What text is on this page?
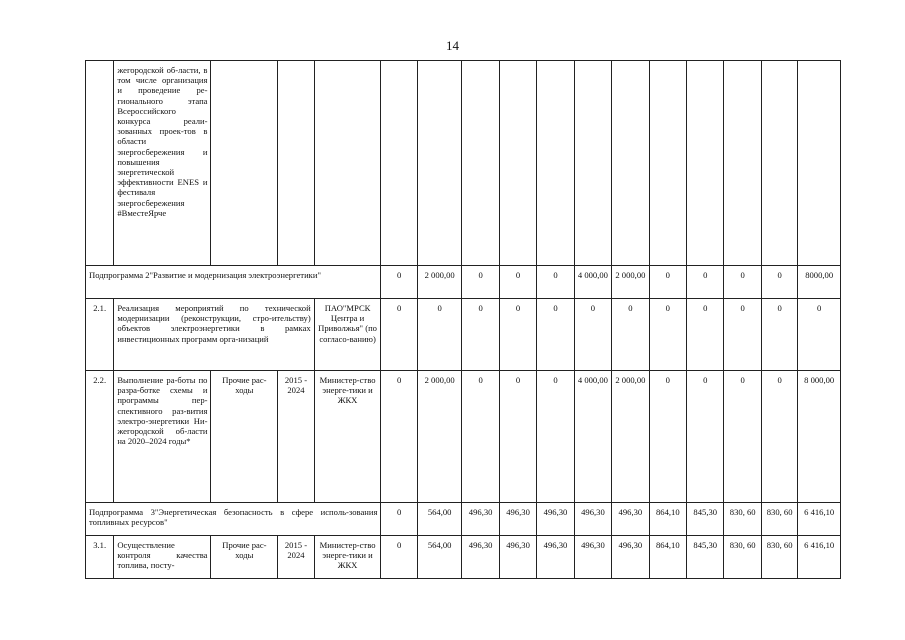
14
	жегородской об-ласти, в том числе организация и проведение ре-гионального этапа Всероссийского конкурса реали-зованных проек-тов в области энергосбережения и повышения энергетической эффективности ENES и фестиваля энергосбережения #ВместеЯрче															
Подпрограмма 2"Развитие и модернизация электроэнергетики"					0	2 000,00	0	0	0	4 000,00	2 000,00	0	0	0	0	8000,00
2.1.	Реализация мероприятий по технической модернизации (реконструкции, стро-ительству) объектов электроэнергетики в рамках инвестиционных программ орга-низаций			ПАО"МРСК Центра и Приволжья" (по согласо-ванию)	0	0	0	0	0	0	0	0	0	0	0	0
2.2.	Выполнение ра-боты по разра-ботке схемы и программы пер-спективного раз-вития электро-энергетики Ни-жегородской об-ласти на 2020–2024 годы*	Прочие рас-ходы	2015 - 2024	Министер-ство энерге-тики и ЖКХ	0	2 000,00	0	0	0	4 000,00	2 000,00	0	0	0	0	8 000,00
Подпрограмма 3"Энергетическая безопасность в сфере исполь-зования топливных ресурсов"					0	564,00	496,30	496,30	496,30	496,30	496,30	864,10	845,30	830, 60	830, 60	6 416,10
3.1.	Осуществление контроля качества топлива, посту-	Прочие рас-ходы	2015 - 2024	Министер-ство энерге-тики и ЖКХ	0	564,00	496,30	496,30	496,30	496,30	496,30	864,10	845,30	830, 60	830, 60	6 416,10
